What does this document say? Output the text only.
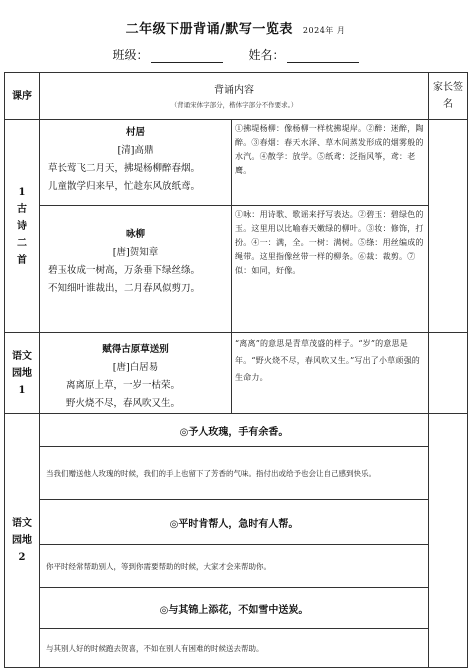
二年级下册背诵/默写一览表 2024年 月
班级：	姓名：
课序	背诵内容
（背诵宋体字部分，楷体字部分不作要求。）		家长签名

1古诗二首	村居
[清]高鼎
草长莺飞二月天，拂堤杨柳醉春烟。
儿童散学归来早，忙趁东风放纸鸢。	①拂堤杨柳：像杨柳一样枕拂堤岸。②醉：迷醉，陶醉。③春烟：春天水泽、草木间蒸发形成的烟雾般的水汽。④散学：放学。⑤纸鸢：泛指风筝，鸢：老鹰。	

	咏柳
[唐]贺知章
碧玉妆成一树高，万条垂下绿丝绦。
不知细叶谁裁出，二月春风似剪刀。	①咏：用诗歌、歌谣来抒写表达。②碧玉：碧绿色的玉。这里用以比喻春天嫩绿的柳叶。③妆：修饰，打扮。④一：满，全。一树：满树。⑤绦：用丝编成的绳带。这里指像丝带一样的柳条。⑥裁：裁剪。⑦似：如同，好像。	

语文园地1	赋得古原草送别
[唐]白居易
离离原上草，一岁一枯荣。
野火烧不尽，春风吹又生。	“离离”的意思是青草茂盛的样子。“岁”的意思是年。“野火烧不尽，春风吹又生。”写出了小草顽强的生命力。	

语文园地2	◎予人玫瑰，手有余香。		
	当我们赠送他人玫瑰的时候，我们的手上也留下了芳香的气味。指付出或给予也会让自己感到快乐。		
	◎平时肯帮人，急时有人帮。		
	你平时经常帮助别人，等到你需要帮助的时候，大家才会来帮助你。		
	◎与其锦上添花，不如雪中送炭。		
	与其别人好的时候跑去贺喜，不如在别人有困难的时候送去帮助。		
